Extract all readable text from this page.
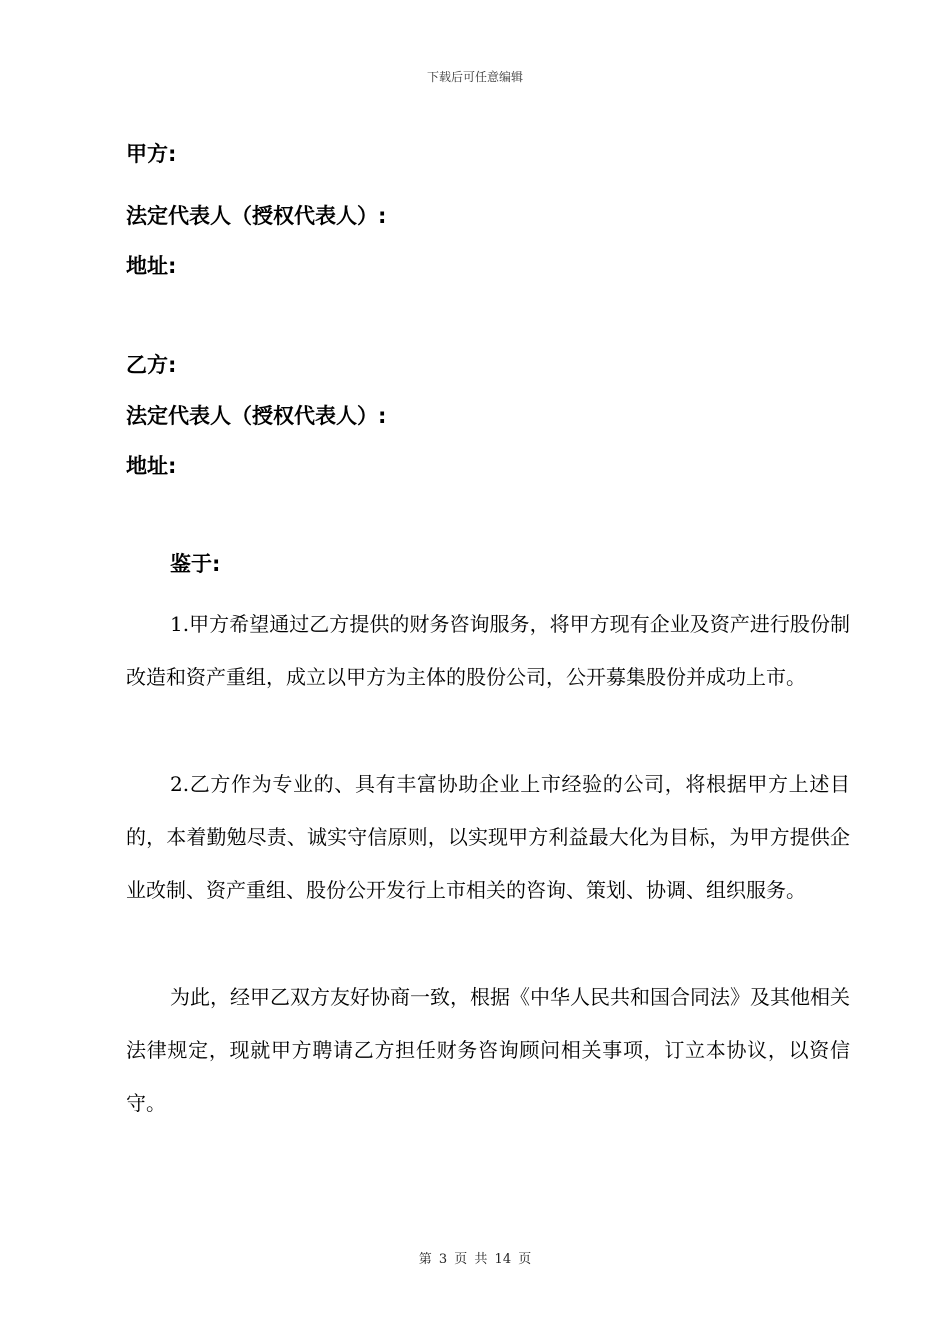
下载后可任意编辑
甲方:
法定代表人（授权代表人）:
地址:
乙方:
法定代表人（授权代表人）:
地址:
鉴于:

1.甲方希望通过乙方提供的财务咨询服务，将甲方现有企业及资产进行股份制改造和资产重组，成立以甲方为主体的股份公司，公开募集股份并成功上市。

2.乙方作为专业的、具有丰富协助企业上市经验的公司，将根据甲方上述目的，本着勤勉尽责、诚实守信原则，以实现甲方利益最大化为目标，为甲方提供企业改制、资产重组、股份公开发行上市相关的咨询、策划、协调、组织服务。

为此，经甲乙双方友好协商一致，根据《中华人民共和国合同法》及其他相关法律规定，现就甲方聘请乙方担任财务咨询顾问相关事项，订立本协议，以资信守。

第 3 页 共 14 页
